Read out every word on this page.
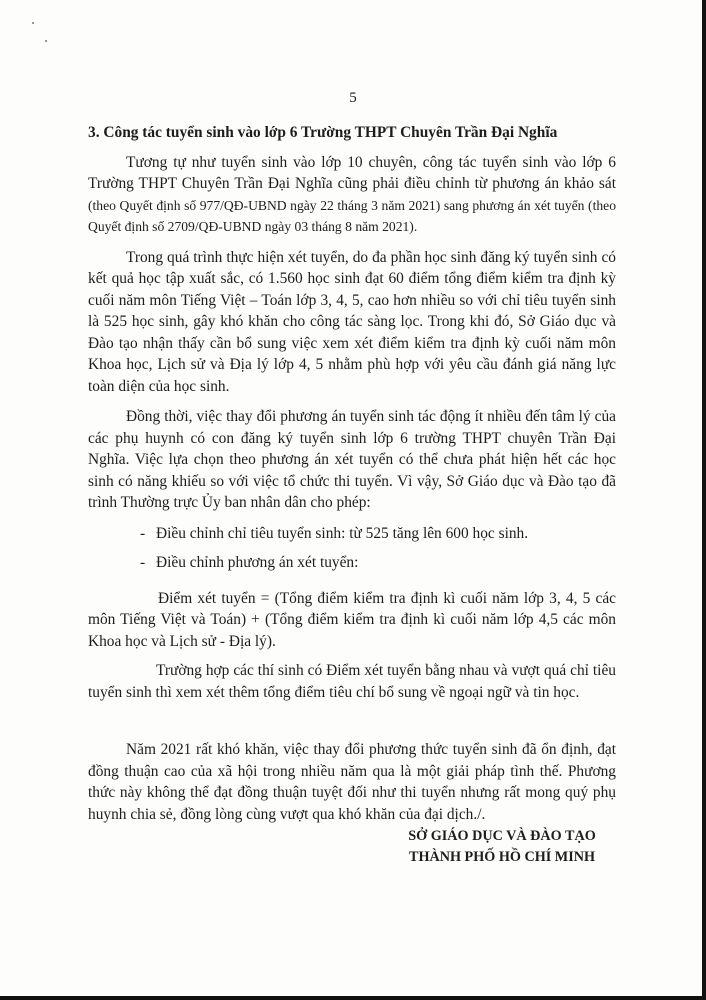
5
3. Công tác tuyển sinh vào lớp 6 Trường THPT Chuyên Trần Đại Nghĩa

Tương tự như tuyển sinh vào lớp 10 chuyên, công tác tuyển sinh vào lớp 6 Trường THPT Chuyên Trần Đại Nghĩa cũng phải điều chỉnh từ phương án khảo sát (theo Quyết định số 977/QĐ-UBND ngày 22 tháng 3 năm 2021) sang phương án xét tuyển (theo Quyết định số 2709/QĐ-UBND ngày 03 tháng 8 năm 2021).

Trong quá trình thực hiện xét tuyển, do đa phần học sinh đăng ký tuyển sinh có kết quả học tập xuất sắc, có 1.560 học sinh đạt 60 điểm tổng điểm kiểm tra định kỳ cuối năm môn Tiếng Việt – Toán lớp 3, 4, 5, cao hơn nhiều so với chỉ tiêu tuyển sinh là 525 học sinh, gây khó khăn cho công tác sàng lọc. Trong khi đó, Sở Giáo dục và Đào tạo nhận thấy cần bổ sung việc xem xét điểm kiểm tra định kỳ cuối năm môn Khoa học, Lịch sử và Địa lý lớp 4, 5 nhằm phù hợp với yêu cầu đánh giá năng lực toàn diện của học sinh.

Đồng thời, việc thay đổi phương án tuyển sinh tác động ít nhiều đến tâm lý của các phụ huynh có con đăng ký tuyển sinh lớp 6 trường THPT chuyên Trần Đại Nghĩa. Việc lựa chọn theo phương án xét tuyển có thể chưa phát hiện hết các học sinh có năng khiếu so với việc tổ chức thi tuyển. Vì vậy, Sở Giáo dục và Đào tạo đã trình Thường trực Ủy ban nhân dân cho phép:

- Điều chỉnh chỉ tiêu tuyển sinh: từ 525 tăng lên 600 học sinh.
- Điều chỉnh phương án xét tuyển:

Điểm xét tuyển = (Tổng điểm kiểm tra định kì cuối năm lớp 3, 4, 5 các môn Tiếng Việt và Toán) + (Tổng điểm kiểm tra định kì cuối năm lớp 4,5 các môn Khoa học và Lịch sử - Địa lý).

Trường hợp các thí sinh có Điểm xét tuyển bằng nhau và vượt quá chỉ tiêu tuyển sinh thì xem xét thêm tổng điểm tiêu chí bổ sung về ngoại ngữ và tin học.

Năm 2021 rất khó khăn, việc thay đổi phương thức tuyển sinh đã ổn định, đạt đồng thuận cao của xã hội trong nhiều năm qua là một giải pháp tình thế. Phương thức này không thể đạt đồng thuận tuyệt đối như thi tuyển nhưng rất mong quý phụ huynh chia sẻ, đồng lòng cùng vượt qua khó khăn của đại dịch./.

SỞ GIÁO DỤC VÀ ĐÀO TẠO
THÀNH PHỐ HỒ CHÍ MINH
